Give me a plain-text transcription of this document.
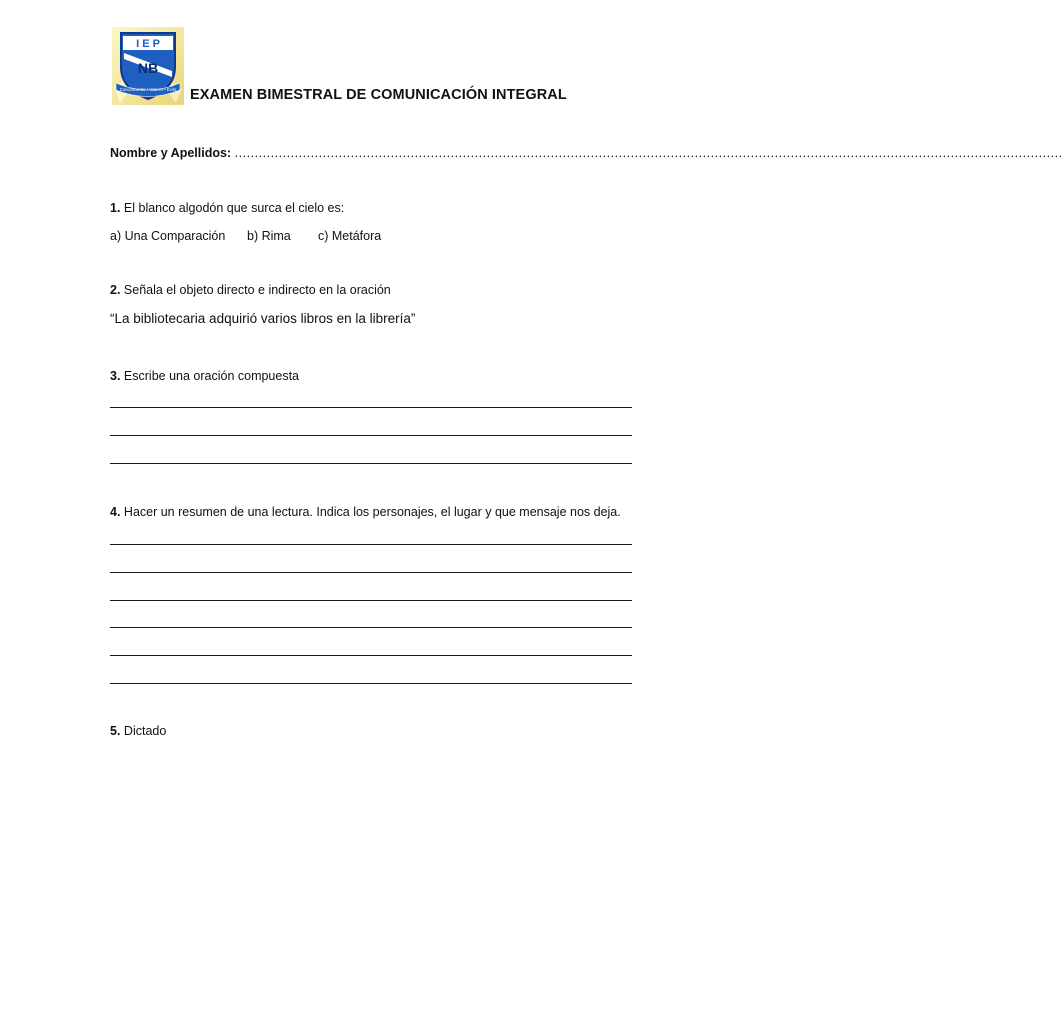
I E P
NB
Conocimiento • Valores • Éxito EXAMEN BIMESTRAL DE COMUNICACIÓN INTEGRAL
Nombre y Apellidos: ………………………………………………………………………………………………………………………………………………………………………………………
1. El blanco algodón que surca el cielo es:
a) Una Comparación b) Rima c) Metáfora
2. Señala el objeto directo e indirecto en la oración
“La bibliotecaria adquirió varios libros en la librería”
3. Escribe una oración compuesta
4. Hacer un resumen de una lectura. Indica los personajes, el lugar y que mensaje nos deja.
5. Dictado
